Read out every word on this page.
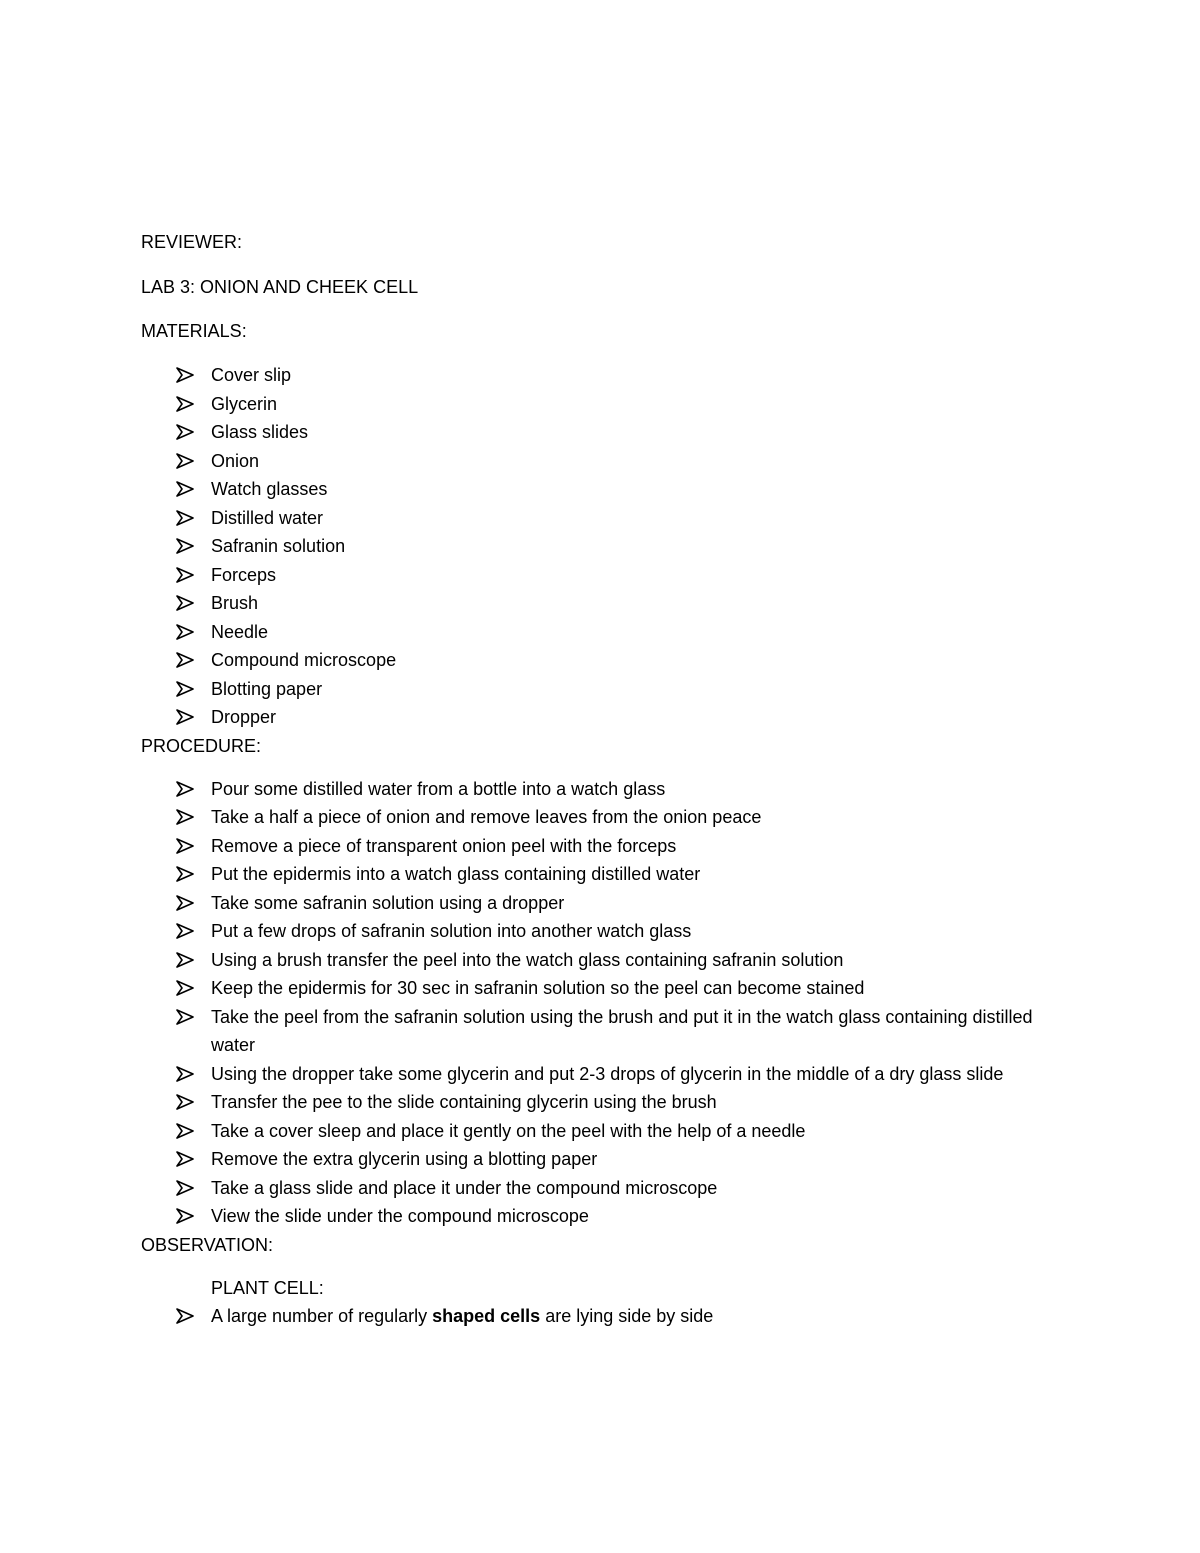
REVIEWER:

LAB 3: ONION AND CHEEK CELL

MATERIALS:

Cover slip
Glycerin
Glass slides
Onion
Watch glasses
Distilled water
Safranin solution
Forceps
Brush
Needle
Compound microscope
Blotting paper
Dropper

PROCEDURE:

Pour some distilled water from a bottle into a watch glass
Take a half a piece of onion and remove leaves from the onion peace
Remove a piece of transparent onion peel with the forceps
Put the epidermis into a watch glass containing distilled water
Take some safranin solution using a dropper
Put a few drops of safranin solution into another watch glass
Using a brush transfer the peel into the watch glass containing safranin solution
Keep the epidermis for 30 sec in safranin solution so the peel can become stained
Take the peel from the safranin solution using the brush and put it in the watch glass containing distilled water
Using the dropper take some glycerin and put 2-3 drops of glycerin in the middle of a dry glass slide
Transfer the pee to the slide containing glycerin using the brush
Take a cover sleep and place it gently on the peel with the help of a needle
Remove the extra glycerin using a blotting paper
Take a glass slide and place it under the compound microscope
View the slide under the compound microscope

OBSERVATION:

PLANT CELL:

A large number of regularly shaped cells are lying side by side
